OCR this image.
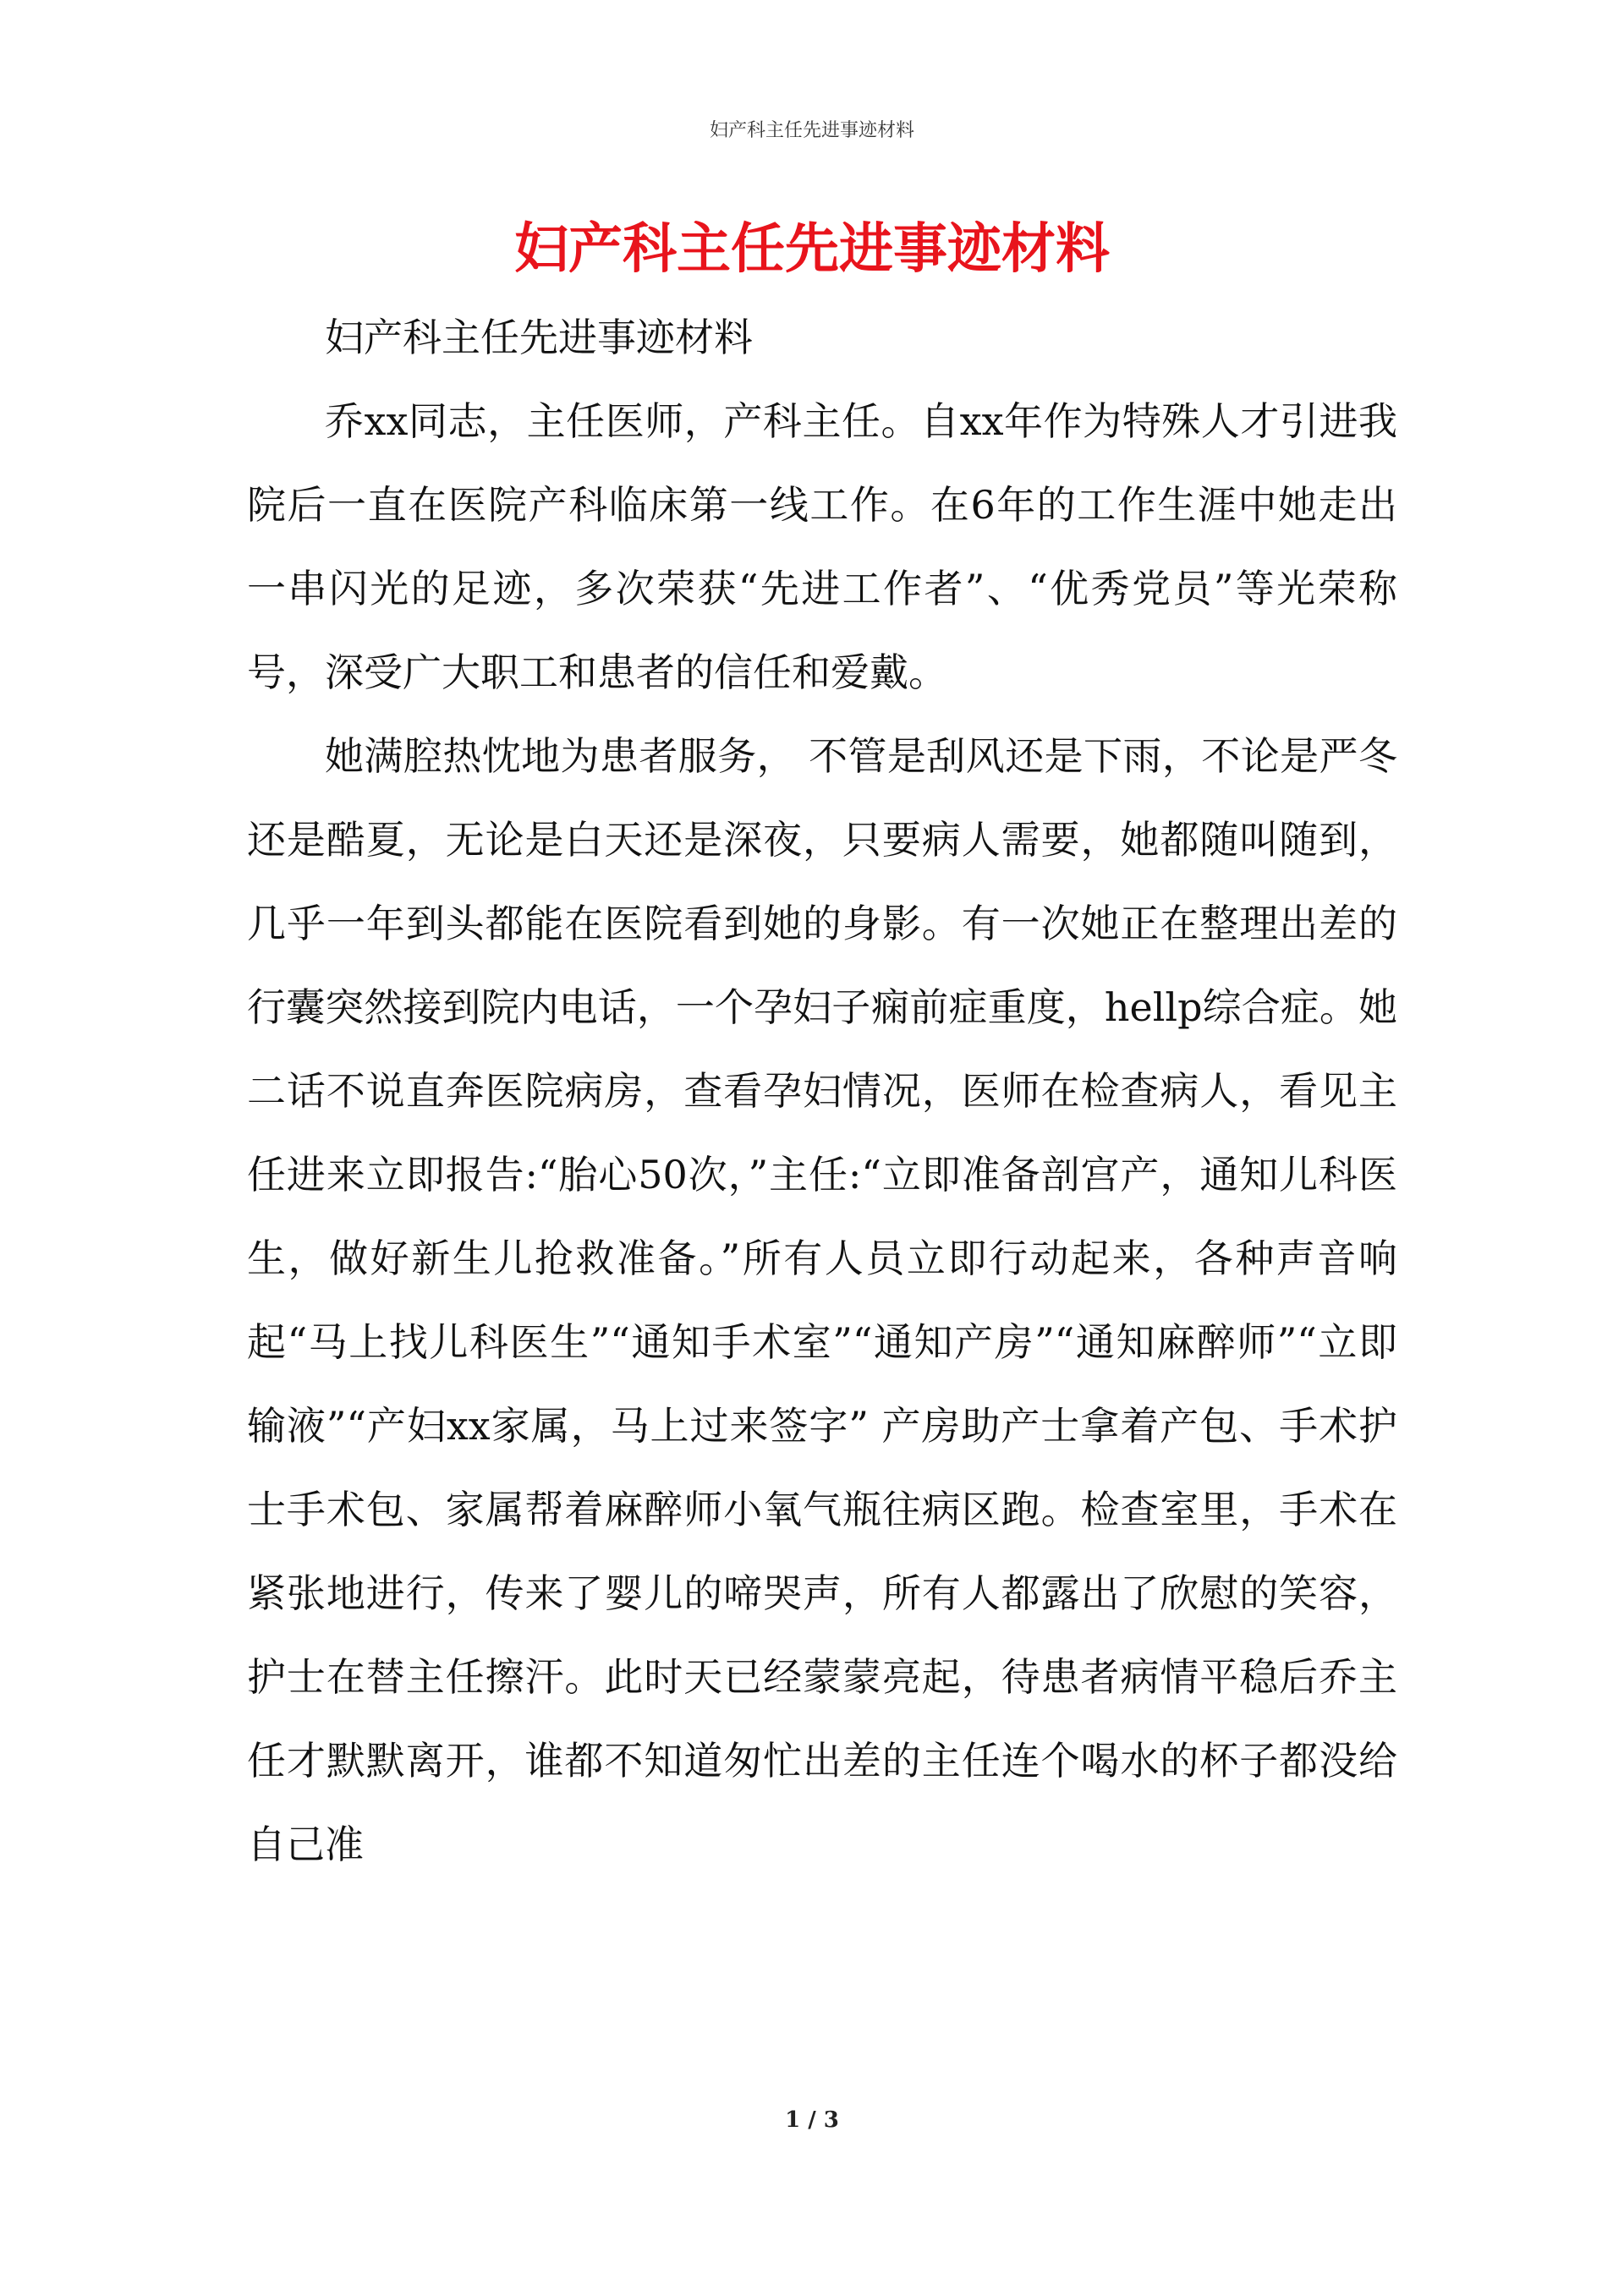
妇产科主任先进事迹材料
妇产科主任先进事迹材料

妇产科主任先进事迹材料

乔xx同志，主任医师，产科主任。自xx年作为特殊人才引进我院后一直在医院产科临床第一线工作。在6年的工作生涯中她走出一串闪光的足迹，多次荣获“先进工作者”、“优秀党员”等光荣称号，深受广大职工和患者的信任和爱戴。

她满腔热忱地为患者服务， 不管是刮风还是下雨，不论是严冬还是酷夏，无论是白天还是深夜，只要病人需要，她都随叫随到，几乎一年到头都能在医院看到她的身影。有一次她正在整理出差的行囊突然接到院内电话，一个孕妇子痫前症重度，hellp综合症。她二话不说直奔医院病房，查看孕妇情况，医师在检查病人，看见主任进来立即报告:“胎心50次，”主任:“立即准备剖宫产，通知儿科医生，做好新生儿抢救准备。”所有人员立即行动起来，各种声音响起“马上找儿科医生”“通知手术室”“通知产房”“通知麻醉师”“立即输液”“产妇xx家属，马上过来签字” 产房助产士拿着产包、手术护士手术包、家属帮着麻醉师小氧气瓶往病区跑。检查室里，手术在紧张地进行，传来了婴儿的啼哭声，所有人都露出了欣慰的笑容，护士在替主任擦汗。此时天已经蒙蒙亮起，待患者病情平稳后乔主任才默默离开，谁都不知道匆忙出差的主任连个喝水的杯子都没给自己准

1 / 3
